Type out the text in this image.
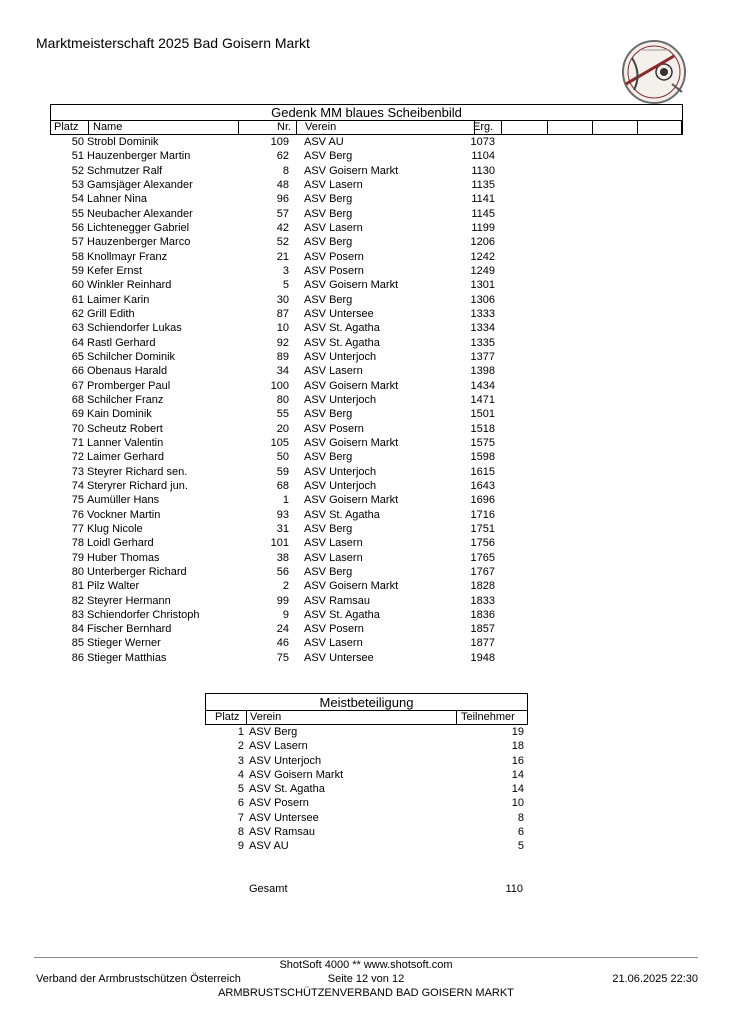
Marktmeisterschaft 2025 Bad Goisern Markt
Gedenk MM blaues Scheibenbild
Platz Name	Nr. Verein	Erg.
50 Strobl Dominik	109 ASV AU	1073
51 Hauzenberger Martin	62 ASV Berg	1104
52 Schmutzer Ralf	8 ASV Goisern Markt	1130
53 Gamsjäger Alexander	48 ASV Lasern	1135
54 Lahner Nina	96 ASV Berg	1141
55 Neubacher Alexander	57 ASV Berg	1145
56 Lichtenegger Gabriel	42 ASV Lasern	1199
57 Hauzenberger Marco	52 ASV Berg	1206
58 Knollmayr Franz	21 ASV Posern	1242
59 Kefer Ernst	3 ASV Posern	1249
60 Winkler Reinhard	5 ASV Goisern Markt	1301
61 Laimer Karin	30 ASV Berg	1306
62 Grill Edith	87 ASV Untersee	1333
63 Schiendorfer Lukas	10 ASV St. Agatha	1334
64 Rastl Gerhard	92 ASV St. Agatha	1335
65 Schilcher Dominik	89 ASV Unterjoch	1377
66 Obenaus Harald	34 ASV Lasern	1398
67 Promberger Paul	100 ASV Goisern Markt	1434
68 Schilcher Franz	80 ASV Unterjoch	1471
69 Kain Dominik	55 ASV Berg	1501
70 Scheutz Robert	20 ASV Posern	1518
71 Lanner Valentin	105 ASV Goisern Markt	1575
72 Laimer Gerhard	50 ASV Berg	1598
73 Steyrer Richard sen.	59 ASV Unterjoch	1615
74 Steryrer Richard jun.	68 ASV Unterjoch	1643
75 Aumüller Hans	1 ASV Goisern Markt	1696
76 Vockner Martin	93 ASV St. Agatha	1716
77 Klug Nicole	31 ASV Berg	1751
78 Loidl Gerhard	101 ASV Lasern	1756
79 Huber Thomas	38 ASV Lasern	1765
80 Unterberger Richard	56 ASV Berg	1767
81 Pilz Walter	2 ASV Goisern Markt	1828
82 Steyrer Hermann	99 ASV Ramsau	1833
83 Schiendorfer Christoph	9 ASV St. Agatha	1836
84 Fischer Bernhard	24 ASV Posern	1857
85 Stieger Werner	46 ASV Lasern	1877
86 Stieger Matthias	75 ASV Untersee	1948
Meistbeteiligung
Platz Verein	Teilnehmer
1 ASV Berg	19
2 ASV Lasern	18
3 ASV Unterjoch	16
4 ASV Goisern Markt	14
5 ASV St. Agatha	14
6 ASV Posern	10
7 ASV Untersee	8
8 ASV Ramsau	6
9 ASV AU	5
Gesamt	110
ShotSoft 4000 ** www.shotsoft.com
Verband der Armbrustschützen Österreich	Seite 12 von 12	21.06.2025 22:30
ARMBRUSTSCHÜTZENVERBAND BAD GOISERN MARKT
